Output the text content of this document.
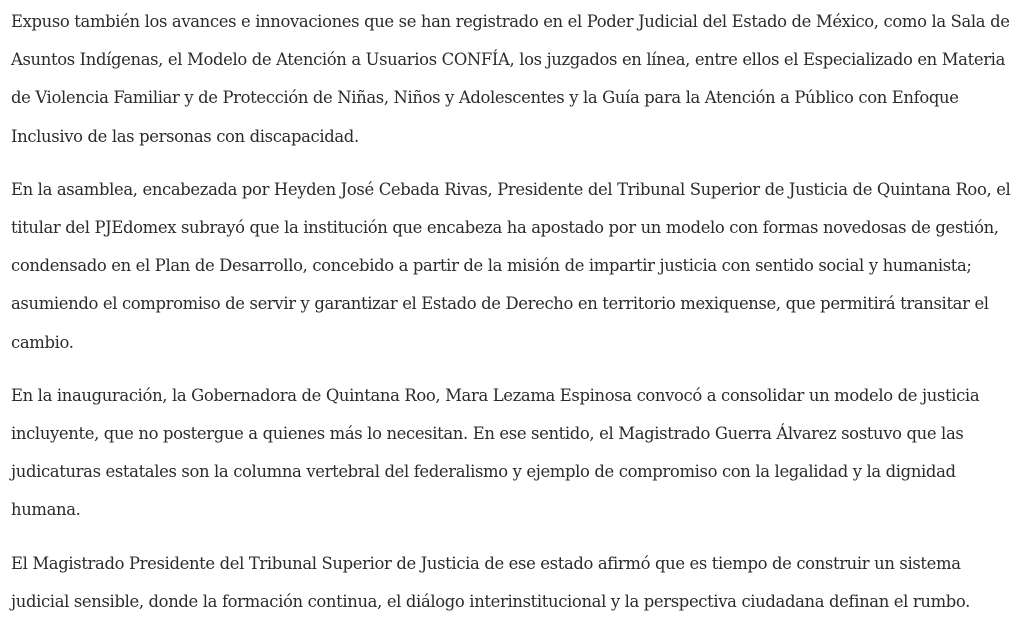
Expuso también los avances e innovaciones que se han registrado en el Poder Judicial del Estado de México, como la Sala de Asuntos Indígenas, el Modelo de Atención a Usuarios CONFÍA, los juzgados en línea, entre ellos el Especializado en Materia de Violencia Familiar y de Protección de Niñas, Niños y Adolescentes y la Guía para la Atención a Público con Enfoque Inclusivo de las personas con discapacidad.

En la asamblea, encabezada por Heyden José Cebada Rivas, Presidente del Tribunal Superior de Justicia de Quintana Roo, el titular del PJEdomex subrayó que la institución que encabeza ha apostado por un modelo con formas novedosas de gestión, condensado en el Plan de Desarrollo, concebido a partir de la misión de impartir justicia con sentido social y humanista; asumiendo el compromiso de servir y garantizar el Estado de Derecho en territorio mexiquense, que permitirá transitar el cambio.

En la inauguración, la Gobernadora de Quintana Roo, Mara Lezama Espinosa convocó a consolidar un modelo de justicia incluyente, que no postergue a quienes más lo necesitan. En ese sentido, el Magistrado Guerra Álvarez sostuvo que las judicaturas estatales son la columna vertebral del federalismo y ejemplo de compromiso con la legalidad y la dignidad humana.

El Magistrado Presidente del Tribunal Superior de Justicia de ese estado afirmó que es tiempo de construir un sistema judicial sensible, donde la formación continua, el diálogo interinstitucional y la perspectiva ciudadana definan el rumbo.
